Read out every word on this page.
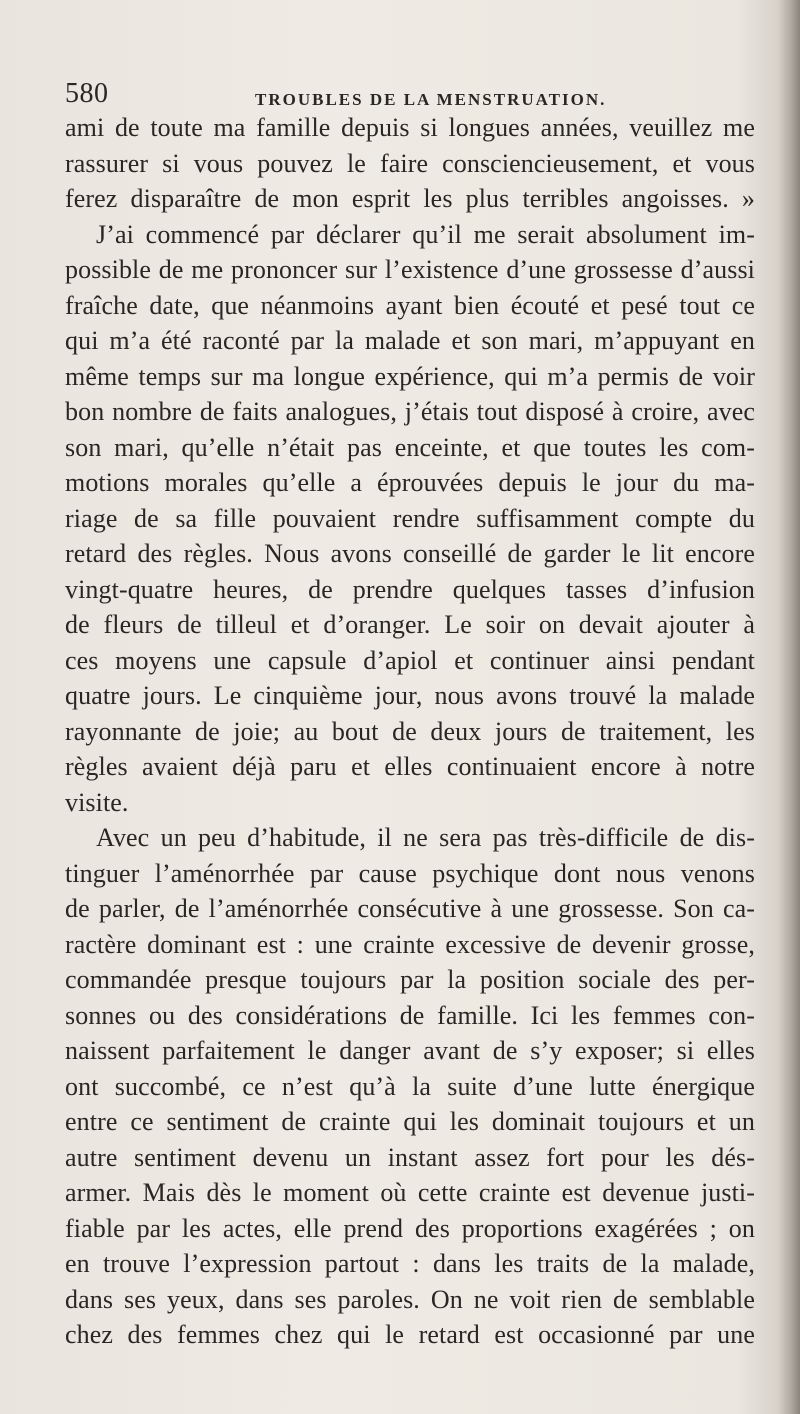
580	TROUBLES DE LA MENSTRUATION.
ami de toute ma famille depuis si longues années, veuillez me
rassurer si vous pouvez le faire consciencieusement, et vous
ferez disparaître de mon esprit les plus terribles angoisses. »
J’ai commencé par déclarer qu’il me serait absolument im-
possible de me prononcer sur l’existence d’une grossesse d’aussi
fraîche date, que néanmoins ayant bien écouté et pesé tout ce
qui m’a été raconté par la malade et son mari, m’appuyant en
même temps sur ma longue expérience, qui m’a permis de voir
bon nombre de faits analogues, j’étais tout disposé à croire, avec
son mari, qu’elle n’était pas enceinte, et que toutes les com-
motions morales qu’elle a éprouvées depuis le jour du ma-
riage de sa fille pouvaient rendre suffisamment compte du
retard des règles. Nous avons conseillé de garder le lit encore
vingt-quatre heures, de prendre quelques tasses d’infusion
de fleurs de tilleul et d’oranger. Le soir on devait ajouter à
ces moyens une capsule d’apiol et continuer ainsi pendant
quatre jours. Le cinquième jour, nous avons trouvé la malade
rayonnante de joie; au bout de deux jours de traitement, les
règles avaient déjà paru et elles continuaient encore à notre
visite.
Avec un peu d’habitude, il ne sera pas très-difficile de dis-
tinguer l’aménorrhée par cause psychique dont nous venons
de parler, de l’aménorrhée consécutive à une grossesse. Son ca-
ractère dominant est : une crainte excessive de devenir grosse,
commandée presque toujours par la position sociale des per-
sonnes ou des considérations de famille. Ici les femmes con-
naissent parfaitement le danger avant de s’y exposer; si elles
ont succombé, ce n’est qu’à la suite d’une lutte énergique
entre ce sentiment de crainte qui les dominait toujours et un
autre sentiment devenu un instant assez fort pour les dés-
armer. Mais dès le moment où cette crainte est devenue justi-
fiable par les actes, elle prend des proportions exagérées ; on
en trouve l’expression partout : dans les traits de la malade,
dans ses yeux, dans ses paroles. On ne voit rien de semblable
chez des femmes chez qui le retard est occasionné par une
